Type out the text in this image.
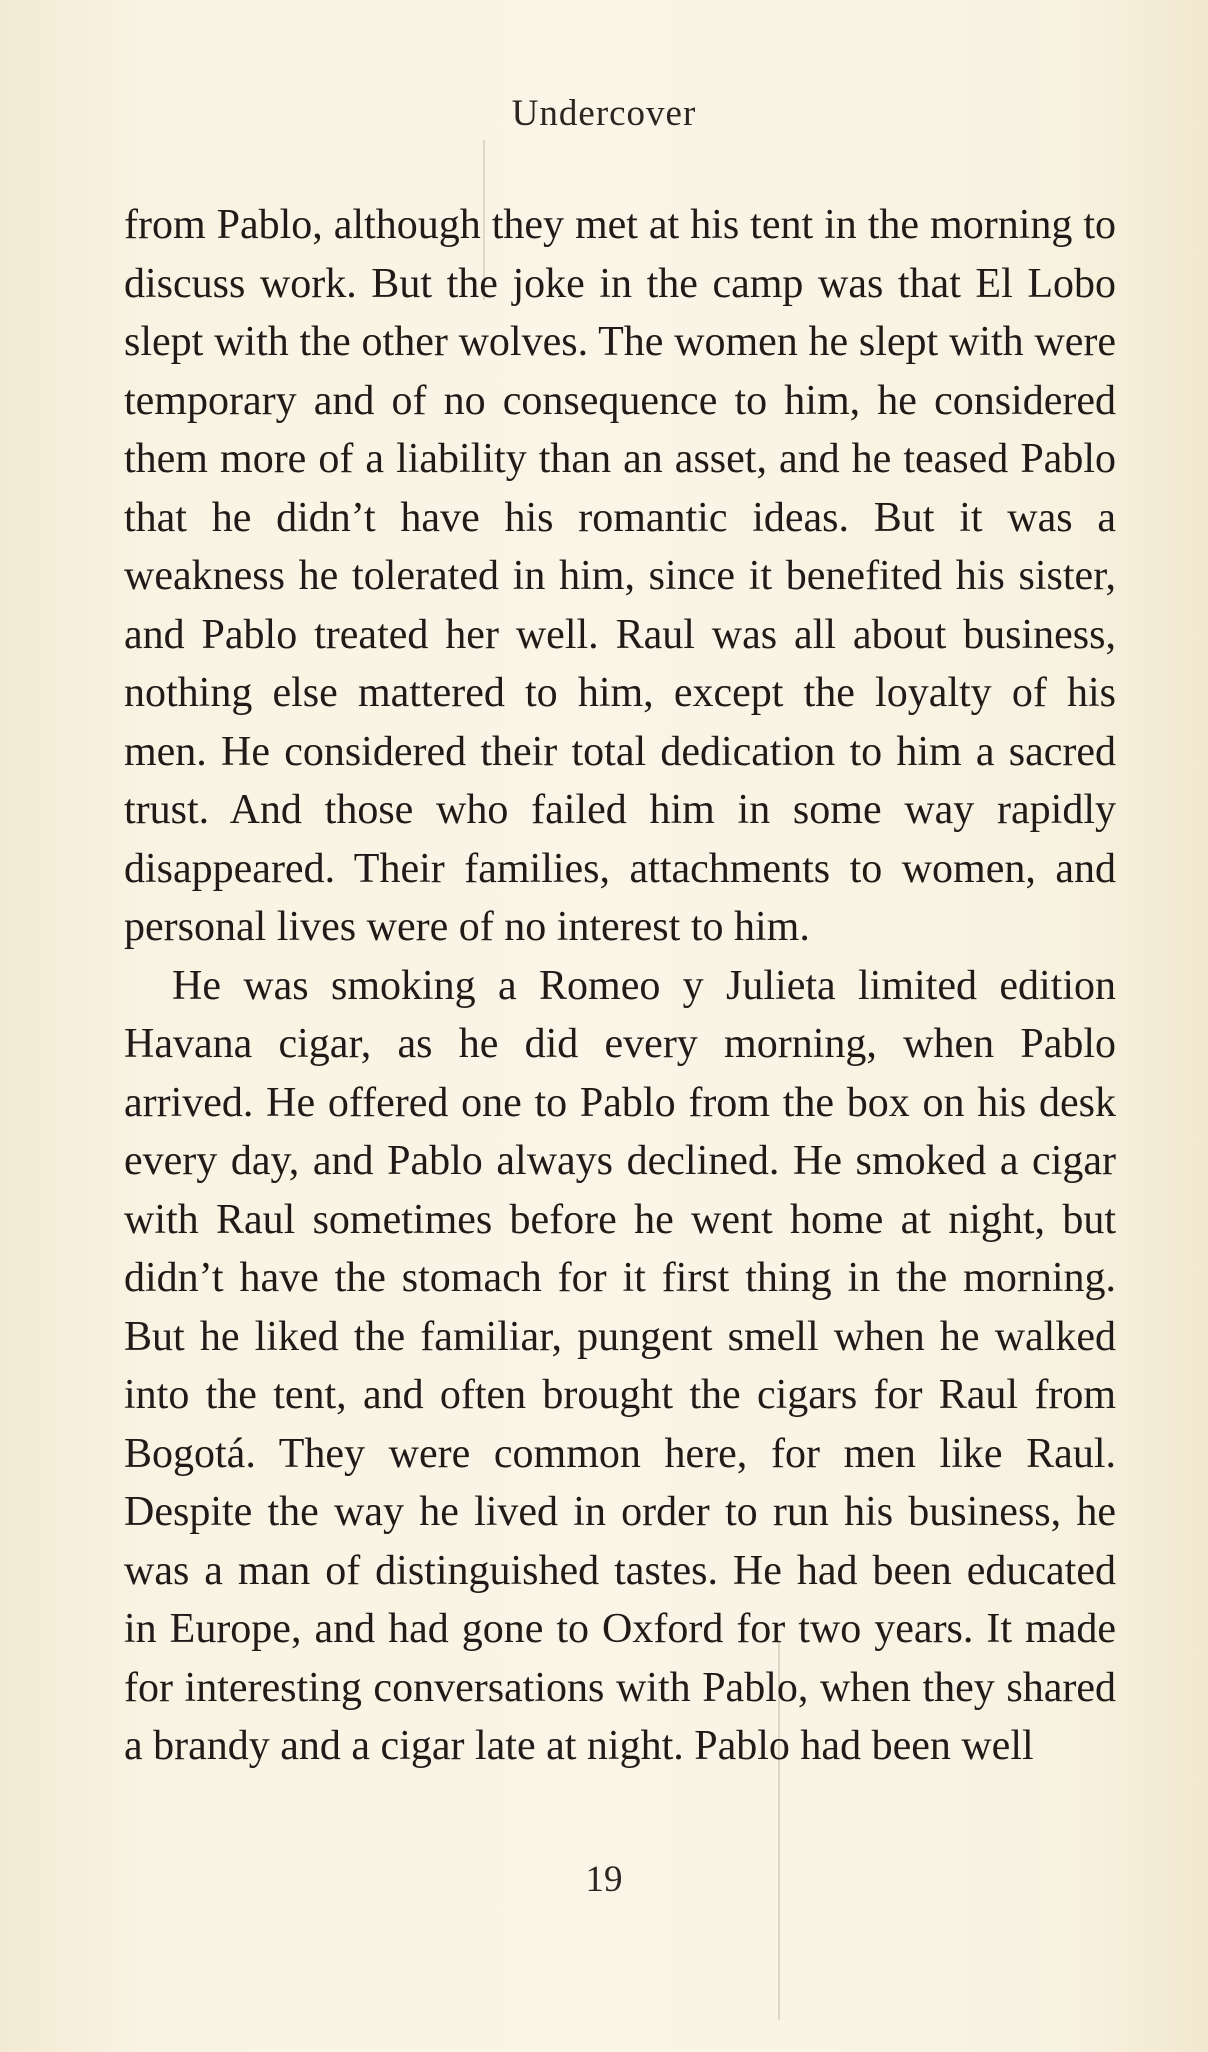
Undercover

from Pablo, although they met at his tent in the morning to discuss work. But the joke in the camp was that El Lobo slept with the other wolves. The women he slept with were temporary and of no consequence to him, he considered them more of a liability than an asset, and he teased Pablo that he didn’t have his romantic ideas. But it was a weakness he tolerated in him, since it benefited his sister, and Pablo treated her well. Raul was all about business, nothing else mattered to him, except the loyalty of his men. He considered their total dedication to him a sacred trust. And those who failed him in some way rapidly disappeared. Their families, attachments to women, and personal lives were of no interest to him.

He was smoking a Romeo y Julieta limited edition Havana cigar, as he did every morning, when Pablo arrived. He offered one to Pablo from the box on his desk every day, and Pablo always declined. He smoked a cigar with Raul sometimes before he went home at night, but didn’t have the stomach for it first thing in the morning. But he liked the familiar, pungent smell when he walked into the tent, and often brought the cigars for Raul from Bogotá. They were common here, for men like Raul. Despite the way he lived in order to run his business, he was a man of distinguished tastes. He had been educated in Europe, and had gone to Oxford for two years. It made for interesting conversations with Pablo, when they shared a brandy and a cigar late at night. Pablo had been well

19
